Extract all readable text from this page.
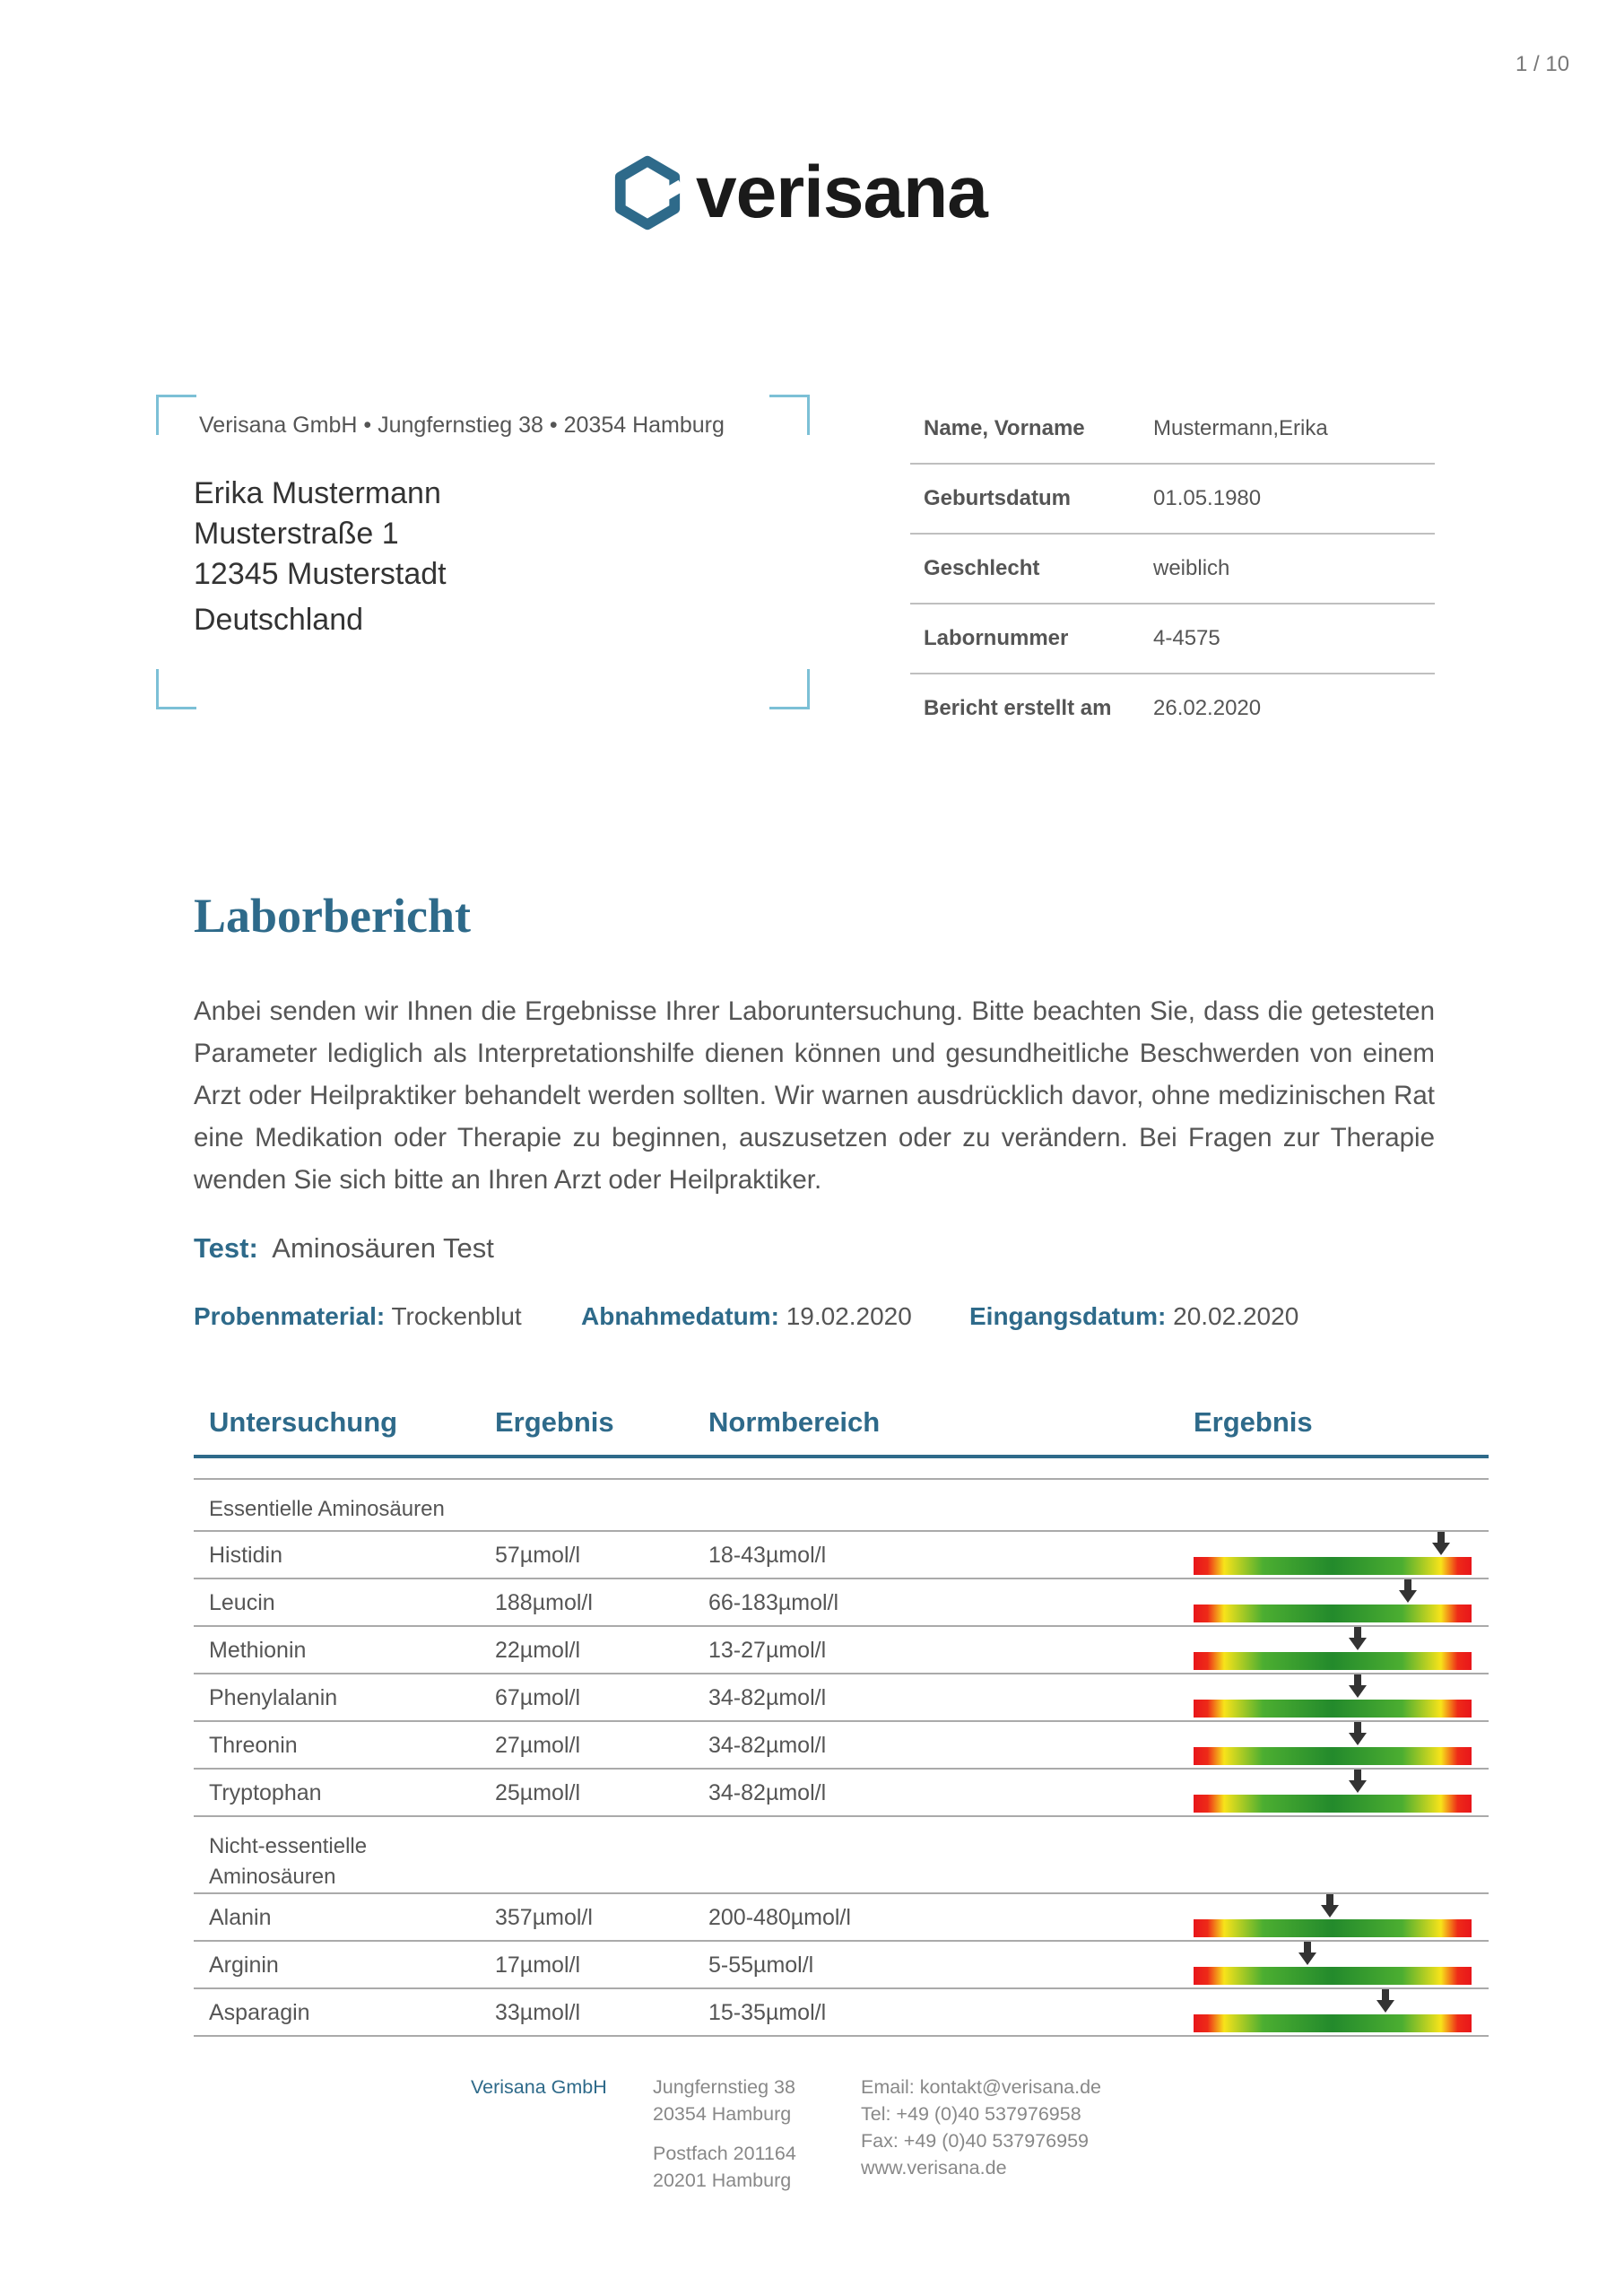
1 / 10
verisana
Verisana GmbH • Jungfernstieg 38 • 20354 Hamburg
Erika Mustermann
Musterstraße 1
12345 Musterstadt
Deutschland
Name, Vorname	Mustermann,Erika
Geburtsdatum	01.05.1980
Geschlecht	weiblich
Labornummer	4-4575
Bericht erstellt am	26.02.2020
Laborbericht
Anbei senden wir Ihnen die Ergebnisse Ihrer Laboruntersuchung. Bitte beachten Sie, dass die getesteten Parameter lediglich als Interpretationshilfe dienen können und gesundheitliche Beschwerden von einem Arzt oder Heilpraktiker behandelt werden sollten. Wir warnen ausdrücklich davor, ohne medizinischen Rat eine Medikation oder Therapie zu beginnen, auszusetzen oder zu verändern. Bei Fragen zur Therapie wenden Sie sich bitte an Ihren Arzt oder Heilpraktiker.
Test: Aminosäuren Test
Probenmaterial: Trockenblut Abnahmedatum: 19.02.2020 Eingangsdatum: 20.02.2020
Untersuchung	Ergebnis	Normbereich	Ergebnis
Essentielle Aminosäuren
Histidin	57µmol/l	18-43µmol/l
Leucin	188µmol/l	66-183µmol/l
Methionin	22µmol/l	13-27µmol/l
Phenylalanin	67µmol/l	34-82µmol/l
Threonin	27µmol/l	34-82µmol/l
Tryptophan	25µmol/l	34-82µmol/l
Nicht-essentielle Aminosäuren
Alanin	357µmol/l	200-480µmol/l
Arginin	17µmol/l	5-55µmol/l
Asparagin	33µmol/l	15-35µmol/l
Verisana GmbH Jungfernstieg 38
20354 Hamburg
Postfach 201164
20201 Hamburg
Email: kontakt@verisana.de
Tel: +49 (0)40 537976958
Fax: +49 (0)40 537976959
www.verisana.de
